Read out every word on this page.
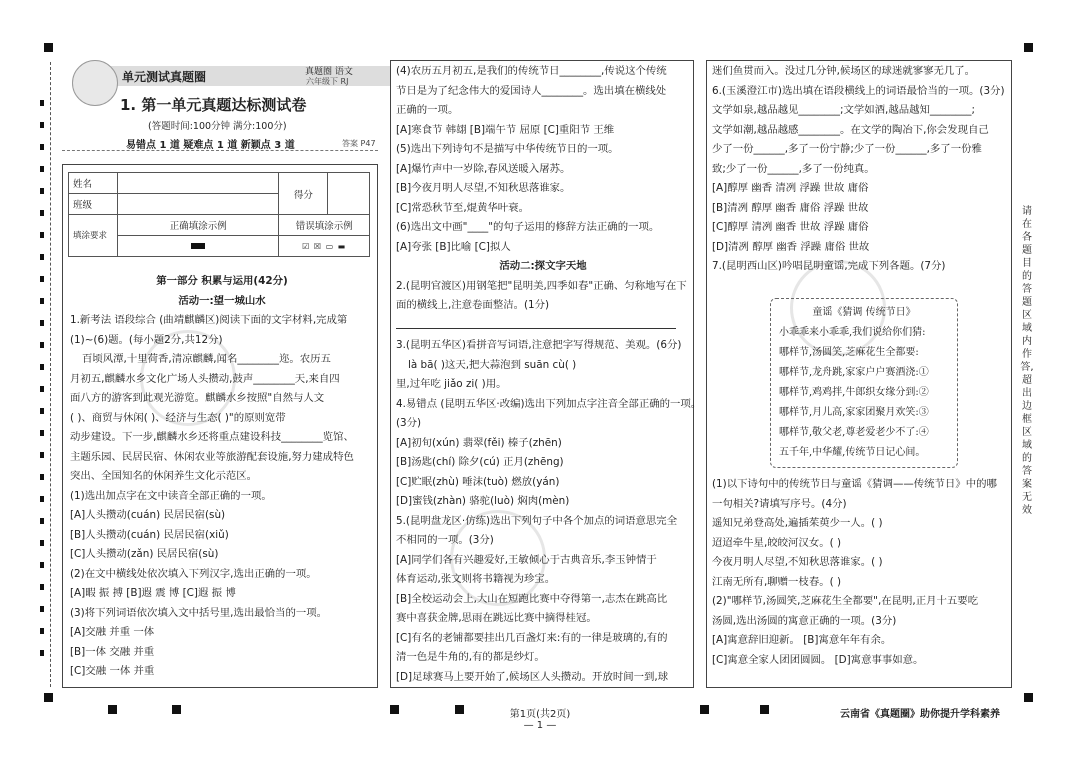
单元测试真题圈	真题圈 语文
六年级下 RJ
1. 第一单元真题达标测试卷
(答题时间:100分钟 满分:100分)
易错点 1 道 疑难点 1 道 新颖点 3 道	答案 P47
姓名		得分	
班级			
填涂要求	正确填涂示例	错误填涂示例	
		☑ ☒ ▭ ▬	

第一部分 积累与运用(42分)

活动一:望一城山水

1.新考法 语段综合 (曲靖麒麟区)阅读下面的文字材料,完成第

(1)~(6)题。(每小题2分,共12分)

百顷风潭,十里荷香,清凉麒麟,闻名________迩。农历五

月初五,麒麟水乡文化广场人头攒动,鼓声________天,来自四

面八方的游客到此观光游览。麒麟水乡按照"自然与人文

( )、商贸与休闲( )、经济与生态( )"的原则宽带

动步建设。下一步,麒麟水乡还将重点建设科技________览馆、

主题乐园、民居民宿、休闲农业等旅游配套设施,努力建成特色

突出、全国知名的休闲养生文化示范区。

(1)选出加点字在文中读音全部正确的一项。

[A]人头攒动(cuán) 民居民宿(sù)

[B]人头攒动(cuán) 民居民宿(xiǔ)

[C]人头攒动(zǎn) 民居民宿(sù)

(2)在文中横线处依次填入下列汉字,选出正确的一项。

[A]暇 振 搏 [B]遐 震 博 [C]遐 振 博

(3)将下列词语依次填入文中括号里,选出最恰当的一项。

[A]交融 并重 一体

[B]一体 交融 并重

[C]交融 一体 并重

(4)农历五月初五,是我们的传统节日________,传说这个传统

节日是为了纪念伟大的爱国诗人________。选出填在横线处

正确的一项。

[A]寒食节 韩翃 [B]端午节 屈原 [C]重阳节 王维

(5)选出下列诗句不是描写中华传统节日的一项。

[A]爆竹声中一岁除,春风送暖入屠苏。

[B]今夜月明人尽望,不知秋思落谁家。

[C]常恐秋节至,焜黄华叶衰。

(6)选出文中画"____"的句子运用的修辞方法正确的一项。

[A]夸张 [B]比喻 [C]拟人

活动二:探文字天地

2.(昆明官渡区)用钢笔把"昆明美,四季如春"正确、匀称地写在下

面的横线上,注意卷面整洁。(1分)

3.(昆明五华区)看拼音写词语,注意把字写得规范、美观。(6分)

là bā( )这天,把大蒜泡到 suān cù( )

里,过年吃 jiǎo zi( )用。

4.易错点 (昆明五华区·改编)选出下列加点字注音全部正确的一项。

(3分)

[A]初旬(xún) 翡翠(fěi) 榛子(zhēn)

[B]汤匙(chí) 除夕(cú) 正月(zhēng)

[C]贮眠(zhù) 唾沫(tuò) 燃放(yán)

[D]蜜钱(zhàn) 骆驼(luò) 焖肉(mèn)

5.(昆明盘龙区·仿练)选出下列句子中各个加点的词语意思完全

不相同的一项。(3分)

[A]同学们各有兴趣爱好,王敏倾心于古典音乐,李玉钟情于

体育运动,张文则将书籍视为珍宝。

[B]全校运动会上,大山在短跑比赛中夺得第一,志杰在跳高比

赛中喜获金牌,思雨在跳远比赛中摘得桂冠。

[C]有名的老铺都要挂出几百盏灯来:有的一律是玻璃的,有的

清一色是牛角的,有的都是纱灯。

[D]足球赛马上要开始了,候场区人头攒动。开放时间一到,球

迷们鱼贯而入。没过几分钟,候场区的球迷就寥寥无几了。

6.(玉溪澄江市)选出填在语段横线上的词语最恰当的一项。(3分)

文学如泉,越品越见________;文学如酒,越品越知________;

文学如潮,越品越感________。在文学的陶冶下,你会发现自己

少了一份______,多了一份宁静;少了一份______,多了一份雅

致;少了一份______,多了一份纯真。

[A]醇厚 幽香 清冽 浮躁 世故 庸俗

[B]清冽 醇厚 幽香 庸俗 浮躁 世故

[C]醇厚 清冽 幽香 世故 浮躁 庸俗

[D]清冽 醇厚 幽香 浮躁 庸俗 世故

7.(昆明西山区)吟唱昆明童谣,完成下列各题。(7分)

童谣《猜调 传统节日》

小乖乖来小乖乖,我们说给你们猜:

哪样节,汤圆笑,芝麻花生全都要:

哪样节,龙舟跳,家家户户赛酒浇:①

哪样节,鸡鸡拌,牛郎织女缘分到:②

哪样节,月儿高,家家团聚月欢笑:③

哪样节,敬父老,尊老爱老少不了:④

五千年,中华耀,传统节日记心间。

(1)以下诗句中的传统节日与童谣《猜调——传统节日》中的哪

一句相关?请填写序号。(4分)

遥知兄弟登高处,遍插茱萸少一人。( )

迢迢牵牛星,皎皎河汉女。( )

今夜月明人尽望,不知秋思落谁家。( )

江南无所有,聊赠一枝春。( )

(2)"哪样节,汤圆笑,芝麻花生全都要",在昆明,正月十五要吃

汤圆,选出汤圆的寓意正确的一项。(3分)

[A]寓意辞旧迎新。 [B]寓意年年有余。

[C]寓意全家人团团圆圆。 [D]寓意事事如意。

请在各题目的答题区域内作答,超出边框区域的答案无效
第1页(共2页)
— 1 —
云南省《真题圈》助你提升学科素养
